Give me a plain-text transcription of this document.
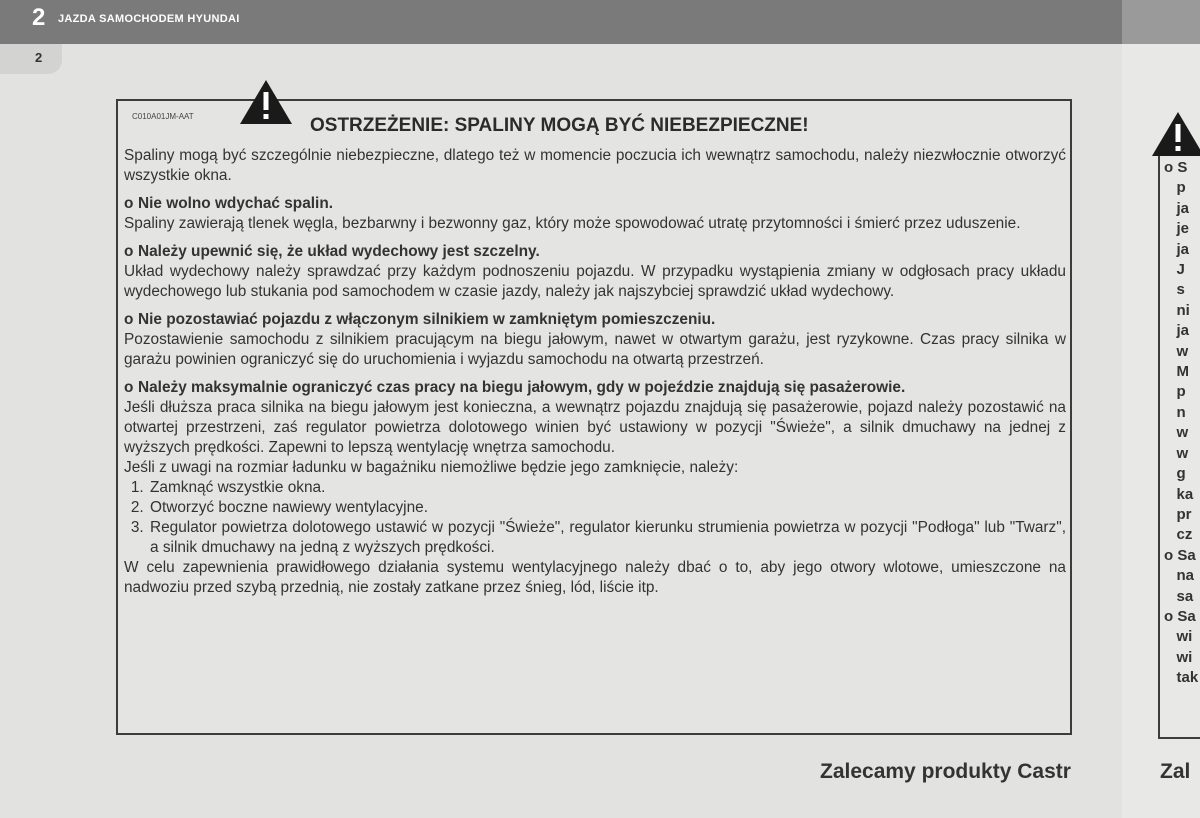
2 JAZDA SAMOCHODEM HYUNDAI
2
C010A01JM-AAT	OSTRZEŻENIE: SPALINY MOGĄ BYĆ NIEBEZPIECZNE!

Spaliny mogą być szczególnie niebezpieczne, dlatego też w momencie poczucia ich wewnątrz samochodu, należy niezwłocznie otworzyć wszystkie okna.

o Nie wolno wdychać spalin.

Spaliny zawierają tlenek węgla, bezbarwny i bezwonny gaz, który może spowodować utratę przytomności i śmierć przez uduszenie.

o Należy upewnić się, że układ wydechowy jest szczelny.

Układ wydechowy należy sprawdzać przy każdym podnoszeniu pojazdu. W przypadku wystąpienia zmiany w odgłosach pracy układu wydechowego lub stukania pod samochodem w czasie jazdy, należy jak najszybciej sprawdzić układ wydechowy.

o Nie pozostawiać pojazdu z włączonym silnikiem w zamkniętym pomieszczeniu.

Pozostawienie samochodu z silnikiem pracującym na biegu jałowym, nawet w otwartym garażu, jest ryzykowne. Czas pracy silnika w garażu powinien ograniczyć się do uruchomienia i wyjazdu samochodu na otwartą przestrzeń.

o Należy maksymalnie ograniczyć czas pracy na biegu jałowym, gdy w pojeździe znajdują się pasażerowie.

Jeśli dłuższa praca silnika na biegu jałowym jest konieczna, a wewnątrz pojazdu znajdują się pasażerowie, pojazd należy pozostawić na otwartej przestrzeni, zaś regulator powietrza dolotowego winien być ustawiony w pozycji "Świeże", a silnik dmuchawy na jednej z wyższych prędkości. Zapewni to lepszą wentylację wnętrza samochodu.

Jeśli z uwagi na rozmiar ładunku w bagażniku niemożliwe będzie jego zamknięcie, należy:

1. Zamknąć wszystkie okna.
2. Otworzyć boczne nawiewy wentylacyjne.
3. Regulator powietrza dolotowego ustawić w pozycji "Świeże", regulator kierunku strumienia powietrza w pozycji "Podłoga" lub "Twarz", a silnik dmuchawy na jedną z wyższych prędkości.

W celu zapewnienia prawidłowego działania systemu wentylacyjnego należy dbać o to, aby jego otwory wlotowe, umieszczone na nadwoziu przed szybą przednią, nie zostały zatkane przez śnieg, lód, liście itp.

Zalecamy produkty Castr
o S
p
ja
je
ja
J
s
ni
ja
w
M
p
n
w
w
g
ka
pr
cz
o Sa
na
sa
o Sa
wi
wi
tak
Zal
